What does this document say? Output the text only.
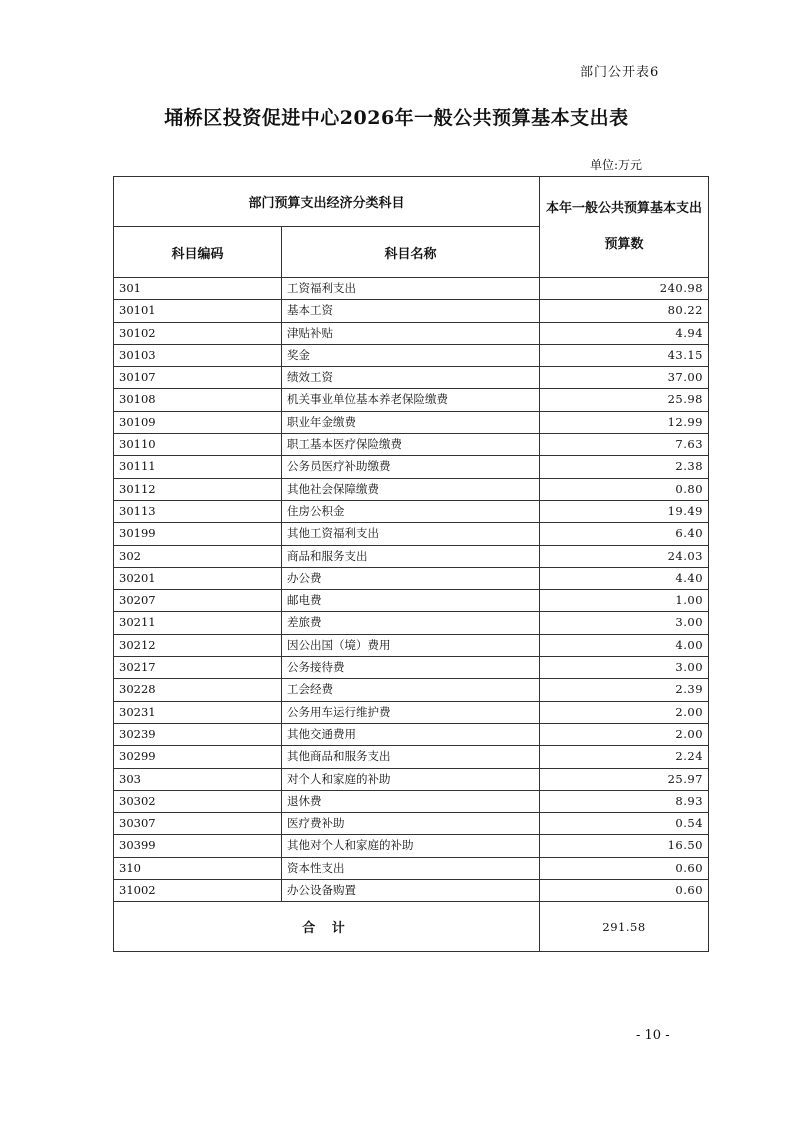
部门公开表6
埇桥区投资促进中心2026年一般公共预算基本支出表
单位:万元
部门预算支出经济分类科目		本年一般公共预算基本支出预算数
科目编码	科目名称	
301	工资福利支出	240.98
30101	基本工资	80.22
30102	津贴补贴	4.94
30103	奖金	43.15
30107	绩效工资	37.00
30108	机关事业单位基本养老保险缴费	25.98
30109	职业年金缴费	12.99
30110	职工基本医疗保险缴费	7.63
30111	公务员医疗补助缴费	2.38
30112	其他社会保障缴费	0.80
30113	住房公积金	19.49
30199	其他工资福利支出	6.40
302	商品和服务支出	24.03
30201	办公费	4.40
30207	邮电费	1.00
30211	差旅费	3.00
30212	因公出国（境）费用	4.00
30217	公务接待费	3.00
30228	工会经费	2.39
30231	公务用车运行维护费	2.00
30239	其他交通费用	2.00
30299	其他商品和服务支出	2.24
303	对个人和家庭的补助	25.97
30302	退休费	8.93
30307	医疗费补助	0.54
30399	其他对个人和家庭的补助	16.50
310	资本性支出	0.60
31002	办公设备购置	0.60
合 计		291.58
- 10 -
